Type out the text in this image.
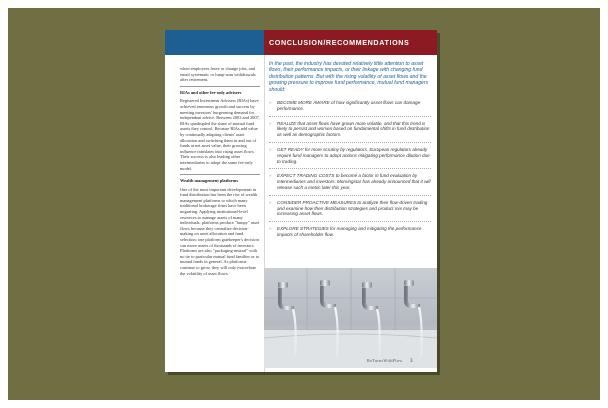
CONCLUSION/RECOMMENDATIONS

when employees leave or change jobs, and email systematic or lump-sum withdrawals after retirement.

RIAs and other fee-only advisers

Registered Investment Advisers (RIAs) have achieved enormous growth and success by meeting investors' burgeoning demand for independent advice. Between 2003 and 2007, RIAs quadrupled the share of mutual fund assets they control. Because RIAs add value by continually adapting clients' asset allocation and switching them in and out of funds at net asset value, their growing influence translates into rising asset flows. Their success is also leading other intermediaries to adopt the same fee-only model.

Wealth management platforms

One of the most important developments in fund distribution has been the rise of wealth management platforms to which many traditional brokerage firms have been migrating. Applying institutional-level resources to manage assets of many individuals, platforms produce "lumpy" asset flows because they centralize decision-making on asset allocation and fund selection; one platform gatekeeper's decision can move assets of thousands of investors. Platforms are also "packaging-neutral" with no tie to particular mutual fund families or to mutual funds in general. As platforms continue to grow, they will only exacerbate the volatility of asset flows.

In the past, the industry has devoted relatively little attention to asset flows, their performance impacts, or their linkage with changing fund distribution patterns. But with the rising volatility of asset flows and the growing pressure to improve fund performance, mutual fund managers should:

» BECOME MORE AWARE of how significantly asset flows can damage performance.
» REALIZE that asset flows have grown more volatile, and that this trend is likely to persist and worsen based on fundamental shifts in fund distribution as well as demographic factors.
» GET READY for more scrutiny by regulators. European regulators already require fund managers to adopt actions mitigating performance dilution due to trading.
» EXPECT TRADING COSTS to become a factor in fund evaluation by intermediaries and investors. Morningstar has already announced that it will release such a metric later this year.
» CONSIDER PROACTIVE MEASURES to analyze their flow-driven trading and examine how their distribution strategies and product mix may be increasing asset flows.
» EXPLORE STRATEGIES for managing and mitigating the performance impacts of shareholder flow.
ReTurnsWithFlow 3
